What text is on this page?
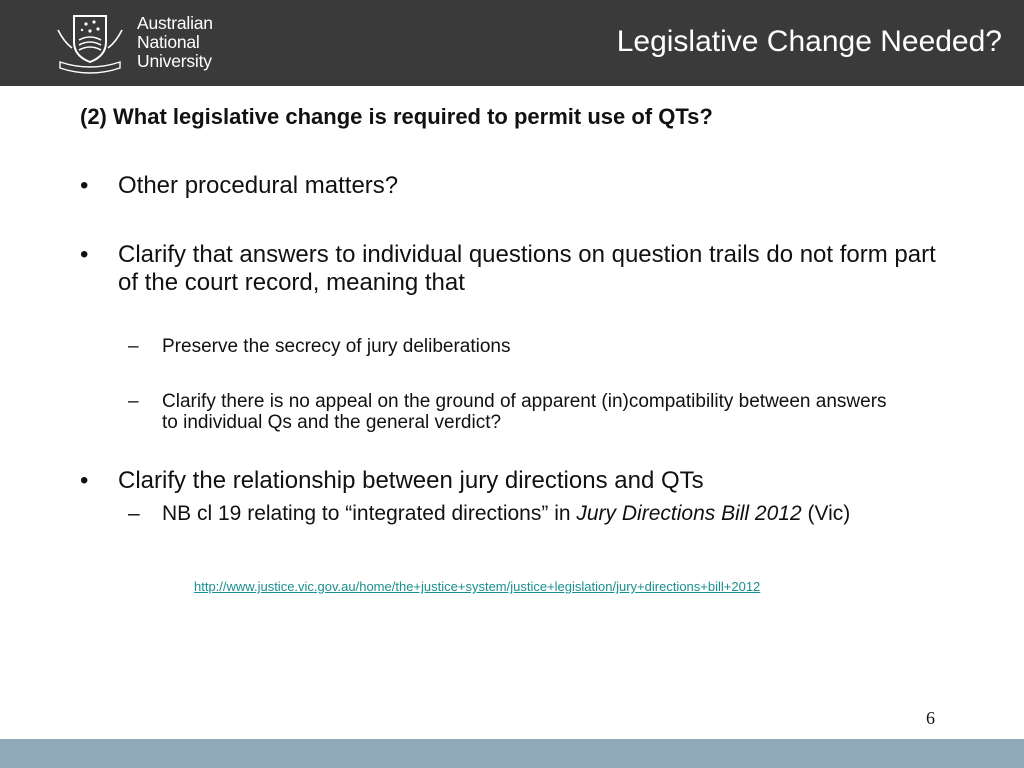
Australian
National
University
Legislative Change Needed?
(2) What legislative change is required to permit use of QTs?
• Other procedural matters?
• Clarify that answers to individual questions on question trails do not form part of the court record, meaning that
– Preserve the secrecy of jury deliberations
– Clarify there is no appeal on the ground of apparent (in)compatibility between answers to individual Qs and the general verdict?
• Clarify the relationship between jury directions and QTs
– NB cl 19 relating to “integrated directions” in Jury Directions Bill 2012 (Vic)
http://www.justice.vic.gov.au/home/the+justice+system/justice+legislation/jury+directions+bill+2012
6
